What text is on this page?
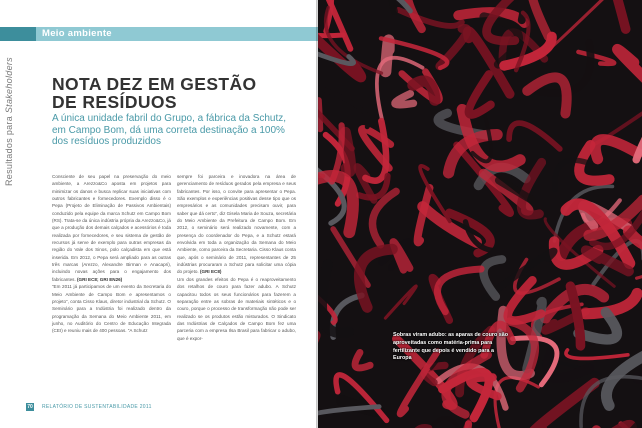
Meio ambiente
Resultados para Stakeholders NOTA DEZ EM GESTÃO
DE RESÍDUOS
A única unidade fabril do Grupo, a fábrica da Schutz, em Campo Bom, dá uma correta destinação a 100% dos resíduos produzidos

Consciente de seu papel na preservação do meio ambiente, a Arezzo&Co aposta em projetos para minimizar os danos e busca replicar suas iniciativas com outros fabricantes e fornecedores. Exemplo disso é o Pepa (Projeto de Eliminação de Passivos Ambientais) conduzido pela equipe da marca Schutz em Campo Bom (RS). Trata-se da única indústria própria da Arezzo&Co, já que a produção dos demais calçados e acessórios é toda realizada por fornecedores, e seu sistema de gestão de recursos já serve de exemplo para outras empresas da região do Vale dos Sinos, polo calçadista em que está inserida. Em 2012, o Pepa será ampliado para as outras três marcas (Arezzo, Alexandre Birman e Anacapri), incluindo novas ações para o engajamento dos fabricantes. (GRI EC8; GRI EN26)

“Em 2011 já participamos de um evento da Secretaria do Meio Ambiente de Campo Bom e apresentamos o projeto”, conta Cisso Klaus, diretor industrial da Schutz. O Seminário para a Indústria foi realizado dentro da programação da Semana do Meio Ambiente 2011, em junho, no Auditório do Centro de Educação Integrada (CEI) e reuniu mais de 400 pessoas. “A Schutz

sempre foi parceira e inovadora na área de gerenciamento de resíduos gerados pela empresa e seus fabricantes. Por isso, o convite para apresentar o Pepa. São exemplos e experiências positivas desse tipo que os empresários e as comunidades precisam ouvir, para saber que dá certo”, diz Gisela Maria de Souza, secretária do Meio Ambiente da Prefeitura de Campo Bom. Em 2012, o seminário será realizado novamente, com a presença do coordenador do Pepa, e a Schutz estará envolvida em toda a organização da Semana do Meio Ambiente, como parceira da Secretaria. Cisso Klaus conta que, após o seminário de 2011, representantes de 25 indústrias procuraram a Schutz para solicitar uma cópia do projeto. (GRI EC8)

Um dos grandes efeitos do Pepa é o reaproveitamento dos retalhos de couro para fazer adubo. A Schutz capacitou todos os seus funcionários para fazerem a separação entre as sobras de materiais sintéticos e o couro, porque o processo de transformação não pode ser realizado se os produtos estão misturados. O Sindicato das Indústrias de Calçados de Campo Bom fez uma parceria com a empresa Ilsa Brasil para fabricar o adubo, que é expor-

70 RELATÓRIO DE SUSTENTABILIDADE 2011
Sobras viram adubo: as aparas de couro são aproveitadas como matéria-prima para fertilizante que depois é vendido para a Europa
